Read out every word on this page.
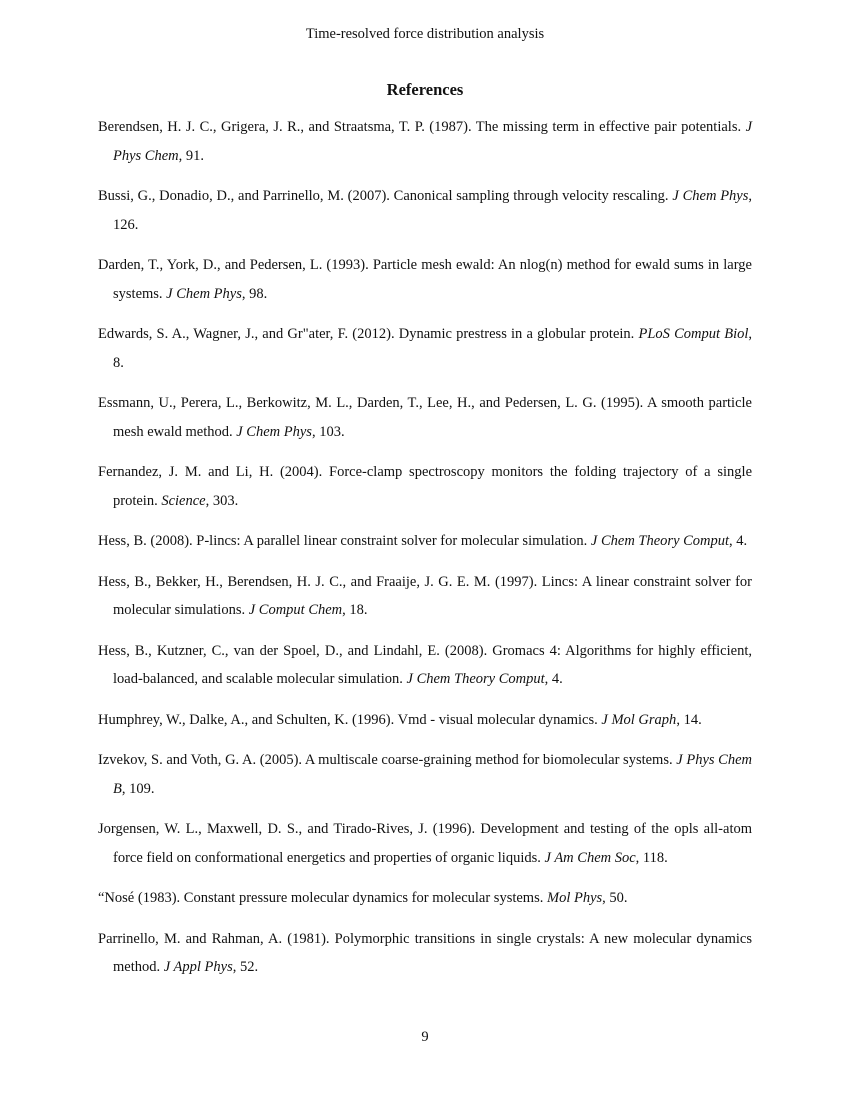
Time-resolved force distribution analysis
References
Berendsen, H. J. C., Grigera, J. R., and Straatsma, T. P. (1987). The missing term in effective pair potentials. J Phys Chem, 91.
Bussi, G., Donadio, D., and Parrinello, M. (2007). Canonical sampling through velocity rescaling. J Chem Phys, 126.
Darden, T., York, D., and Pedersen, L. (1993). Particle mesh ewald: An nlog(n) method for ewald sums in large systems. J Chem Phys, 98.
Edwards, S. A., Wagner, J., and Gr"ater, F. (2012). Dynamic prestress in a globular protein. PLoS Comput Biol, 8.
Essmann, U., Perera, L., Berkowitz, M. L., Darden, T., Lee, H., and Pedersen, L. G. (1995). A smooth particle mesh ewald method. J Chem Phys, 103.
Fernandez, J. M. and Li, H. (2004). Force-clamp spectroscopy monitors the folding trajectory of a single protein. Science, 303.
Hess, B. (2008). P-lincs: A parallel linear constraint solver for molecular simulation. J Chem Theory Comput, 4.
Hess, B., Bekker, H., Berendsen, H. J. C., and Fraaije, J. G. E. M. (1997). Lincs: A linear constraint solver for molecular simulations. J Comput Chem, 18.
Hess, B., Kutzner, C., van der Spoel, D., and Lindahl, E. (2008). Gromacs 4: Algorithms for highly efficient, load-balanced, and scalable molecular simulation. J Chem Theory Comput, 4.
Humphrey, W., Dalke, A., and Schulten, K. (1996). Vmd - visual molecular dynamics. J Mol Graph, 14.
Izvekov, S. and Voth, G. A. (2005). A multiscale coarse-graining method for biomolecular systems. J Phys Chem B, 109.
Jorgensen, W. L., Maxwell, D. S., and Tirado-Rives, J. (1996). Development and testing of the opls all-atom force field on conformational energetics and properties of organic liquids. J Am Chem Soc, 118.
“Nosé (1983). Constant pressure molecular dynamics for molecular systems. Mol Phys, 50.
Parrinello, M. and Rahman, A. (1981). Polymorphic transitions in single crystals: A new molecular dynamics method. J Appl Phys, 52.
9
